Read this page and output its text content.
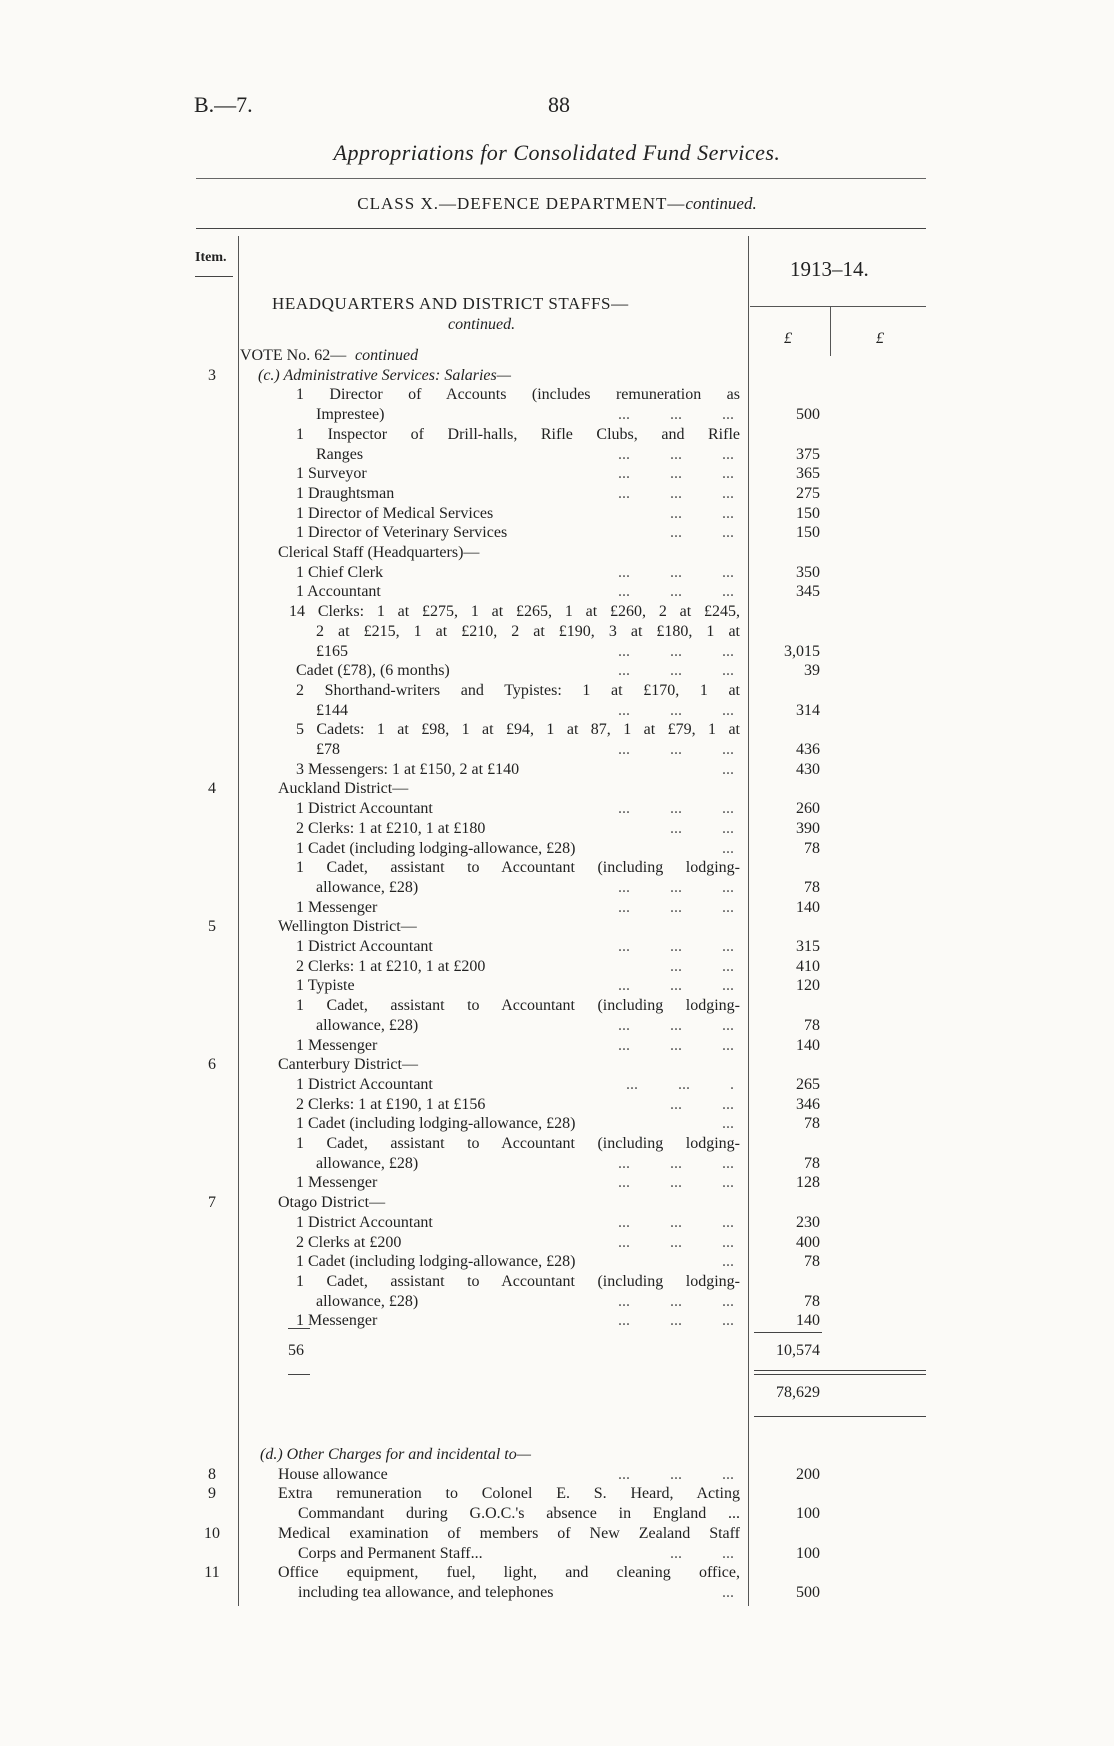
B.—7.	88
Appropriations for Consolidated Fund Services.
CLASS X.—DEFENCE DEPARTMENT—continued.
Item.	1913–14.
£	£
HEADQUARTERS AND DISTRICT STAFFS—
continued.
VOTE No. 62— continued
3	(c.) Administrative Services: Salaries—
1 Director of Accounts (includes remuneration as
Imprestee)	...          ...          ...	500
1 Inspector of Drill-halls, Rifle Clubs, and Rifle
Ranges	...          ...          ...	375
1 Surveyor	...          ...          ...	365
1 Draughtsman	...          ...          ...	275
1 Director of Medical Services	...          ...	150
1 Director of Veterinary Services	...          ...	150
Clerical Staff (Headquarters)—
1 Chief Clerk	...          ...          ...	350
1 Accountant	...          ...          ...	345
14 Clerks: 1 at £275, 1 at £265, 1 at £260, 2 at £245,
2 at £215, 1 at £210, 2 at £190, 3 at £180, 1 at
£165	...          ...          ...	3,015
Cadet (£78), (6 months)	...          ...          ...	39
2 Shorthand-writers and Typistes: 1 at £170, 1 at
£144	...          ...          ...	314
5 Cadets: 1 at £98, 1 at £94, 1 at 87, 1 at £79, 1 at
£78	...          ...          ...	436
3 Messengers: 1 at £150, 2 at £140	...	430
4	Auckland District—
1 District Accountant	...          ...          ...	260
2 Clerks: 1 at £210, 1 at £180	...          ...	390
1 Cadet (including lodging-allowance, £28)	...	78
1 Cadet, assistant to Accountant (including lodging-
allowance, £28)	...          ...          ...	78
1 Messenger	...          ...          ...	140
5	Wellington District—
1 District Accountant	...          ...          ...	315
2 Clerks: 1 at £210, 1 at £200	...          ...	410
1 Typiste	...          ...          ...	120
1 Cadet, assistant to Accountant (including lodging-
allowance, £28)	...          ...          ...	78
1 Messenger	...          ...          ...	140
6	Canterbury District—
1 District Accountant	...          ...          .	265
2 Clerks: 1 at £190, 1 at £156	...          ...	346
1 Cadet (including lodging-allowance, £28)	...	78
1 Cadet, assistant to Accountant (including lodging-
allowance, £28)	...          ...          ...	78
1 Messenger	...          ...          ...	128
7	Otago District—
1 District Accountant	...          ...          ...	230
2 Clerks at £200	...          ...          ...	400
1 Cadet (including lodging-allowance, £28)	...	78
1 Cadet, assistant to Accountant (including lodging-
allowance, £28)	...          ...          ...	78
1 Messenger	...          ...          ...	140
56	10,574
78,629
(d.) Other Charges for and incidental to—
8	House allowance	...          ...          ...	200
9	Extra remuneration to Colonel E. S. Heard, Acting
Commandant during G.O.C.'s absence in England ...	100
10	Medical examination of members of New Zealand Staff
Corps and Permanent Staff...	...          ...	100
11	Office equipment, fuel, light, and cleaning office,
including tea allowance, and telephones	...	500
